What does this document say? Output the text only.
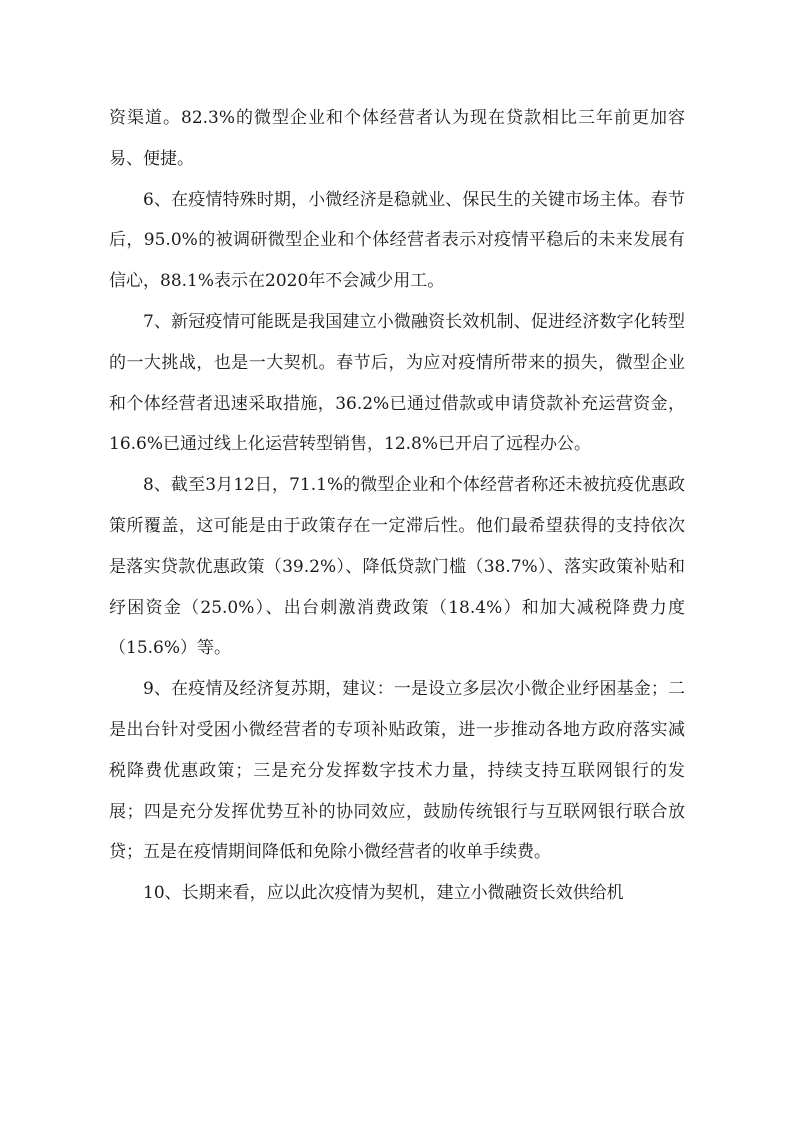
资渠道。82.3%的微型企业和个体经营者认为现在贷款相比三年前更加容易、便捷。

6、在疫情特殊时期，小微经济是稳就业、保民生的关键市场主体。春节后，95.0%的被调研微型企业和个体经营者表示对疫情平稳后的未来发展有信心，88.1%表示在2020年不会减少用工。

7、新冠疫情可能既是我国建立小微融资长效机制、促进经济数字化转型的一大挑战，也是一大契机。春节后，为应对疫情所带来的损失，微型企业和个体经营者迅速采取措施，36.2%已通过借款或申请贷款补充运营资金，16.6%已通过线上化运营转型销售，12.8%已开启了远程办公。

8、截至3月12日，71.1%的微型企业和个体经营者称还未被抗疫优惠政策所覆盖，这可能是由于政策存在一定滞后性。他们最希望获得的支持依次是落实贷款优惠政策（39.2%）、降低贷款门槛（38.7%）、落实政策补贴和纾困资金（25.0%）、出台刺激消费政策（18.4%）和加大减税降费力度（15.6%）等。

9、在疫情及经济复苏期，建议：一是设立多层次小微企业纾困基金；二是出台针对受困小微经营者的专项补贴政策，进一步推动各地方政府落实减税降费优惠政策；三是充分发挥数字技术力量，持续支持互联网银行的发展；四是充分发挥优势互补的协同效应，鼓励传统银行与互联网银行联合放贷；五是在疫情期间降低和免除小微经营者的收单手续费。

10、长期来看，应以此次疫情为契机，建立小微融资长效供给机
